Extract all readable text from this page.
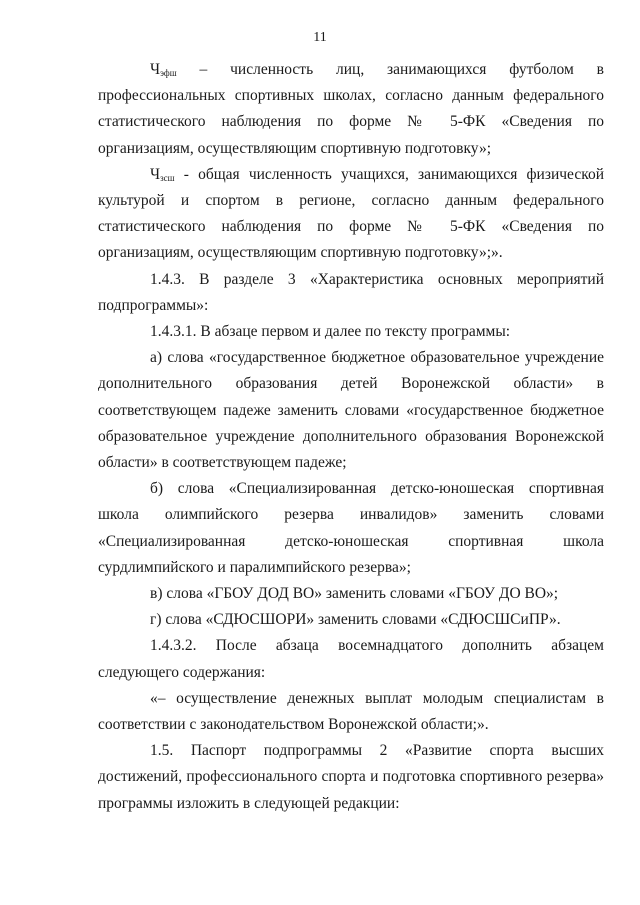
11

$Ч_{эфш}$ – численность лиц, занимающихся футболом в профессиональных спортивных школах, согласно данным федерального статистического наблюдения по форме № 5-ФК «Сведения по организациям, осуществляющим спортивную подготовку»;

$Ч_{зсш}$ - общая численность учащихся, занимающихся физической культурой и спортом в регионе, согласно данным федерального статистического наблюдения по форме № 5-ФК «Сведения по организациям, осуществляющим спортивную подготовку»;».

1.4.3. В разделе 3 «Характеристика основных мероприятий подпрограммы»:

1.4.3.1. В абзаце первом и далее по тексту программы:

а) слова «государственное бюджетное образовательное учреждение дополнительного образования детей Воронежской области» в соответствующем падеже заменить словами «государственное бюджетное образовательное учреждение дополнительного образования Воронежской области» в соответствующем падеже;

б) слова «Специализированная детско-юношеская спортивная школа олимпийского резерва инвалидов» заменить словами «Специализированная детско-юношеская спортивная школа сурдлимпийского и паралимпийского резерва»;

в) слова «ГБОУ ДОД ВО» заменить словами «ГБОУ ДО ВО»;

г) слова «СДЮСШОРИ» заменить словами «СДЮСШСиПР».

1.4.3.2. После абзаца восемнадцатого дополнить абзацем следующего содержания:

«– осуществление денежных выплат молодым специалистам в соответствии с законодательством Воронежской области;».

1.5. Паспорт подпрограммы 2 «Развитие спорта высших достижений, профессионального спорта и подготовка спортивного резерва» программы изложить в следующей редакции:
